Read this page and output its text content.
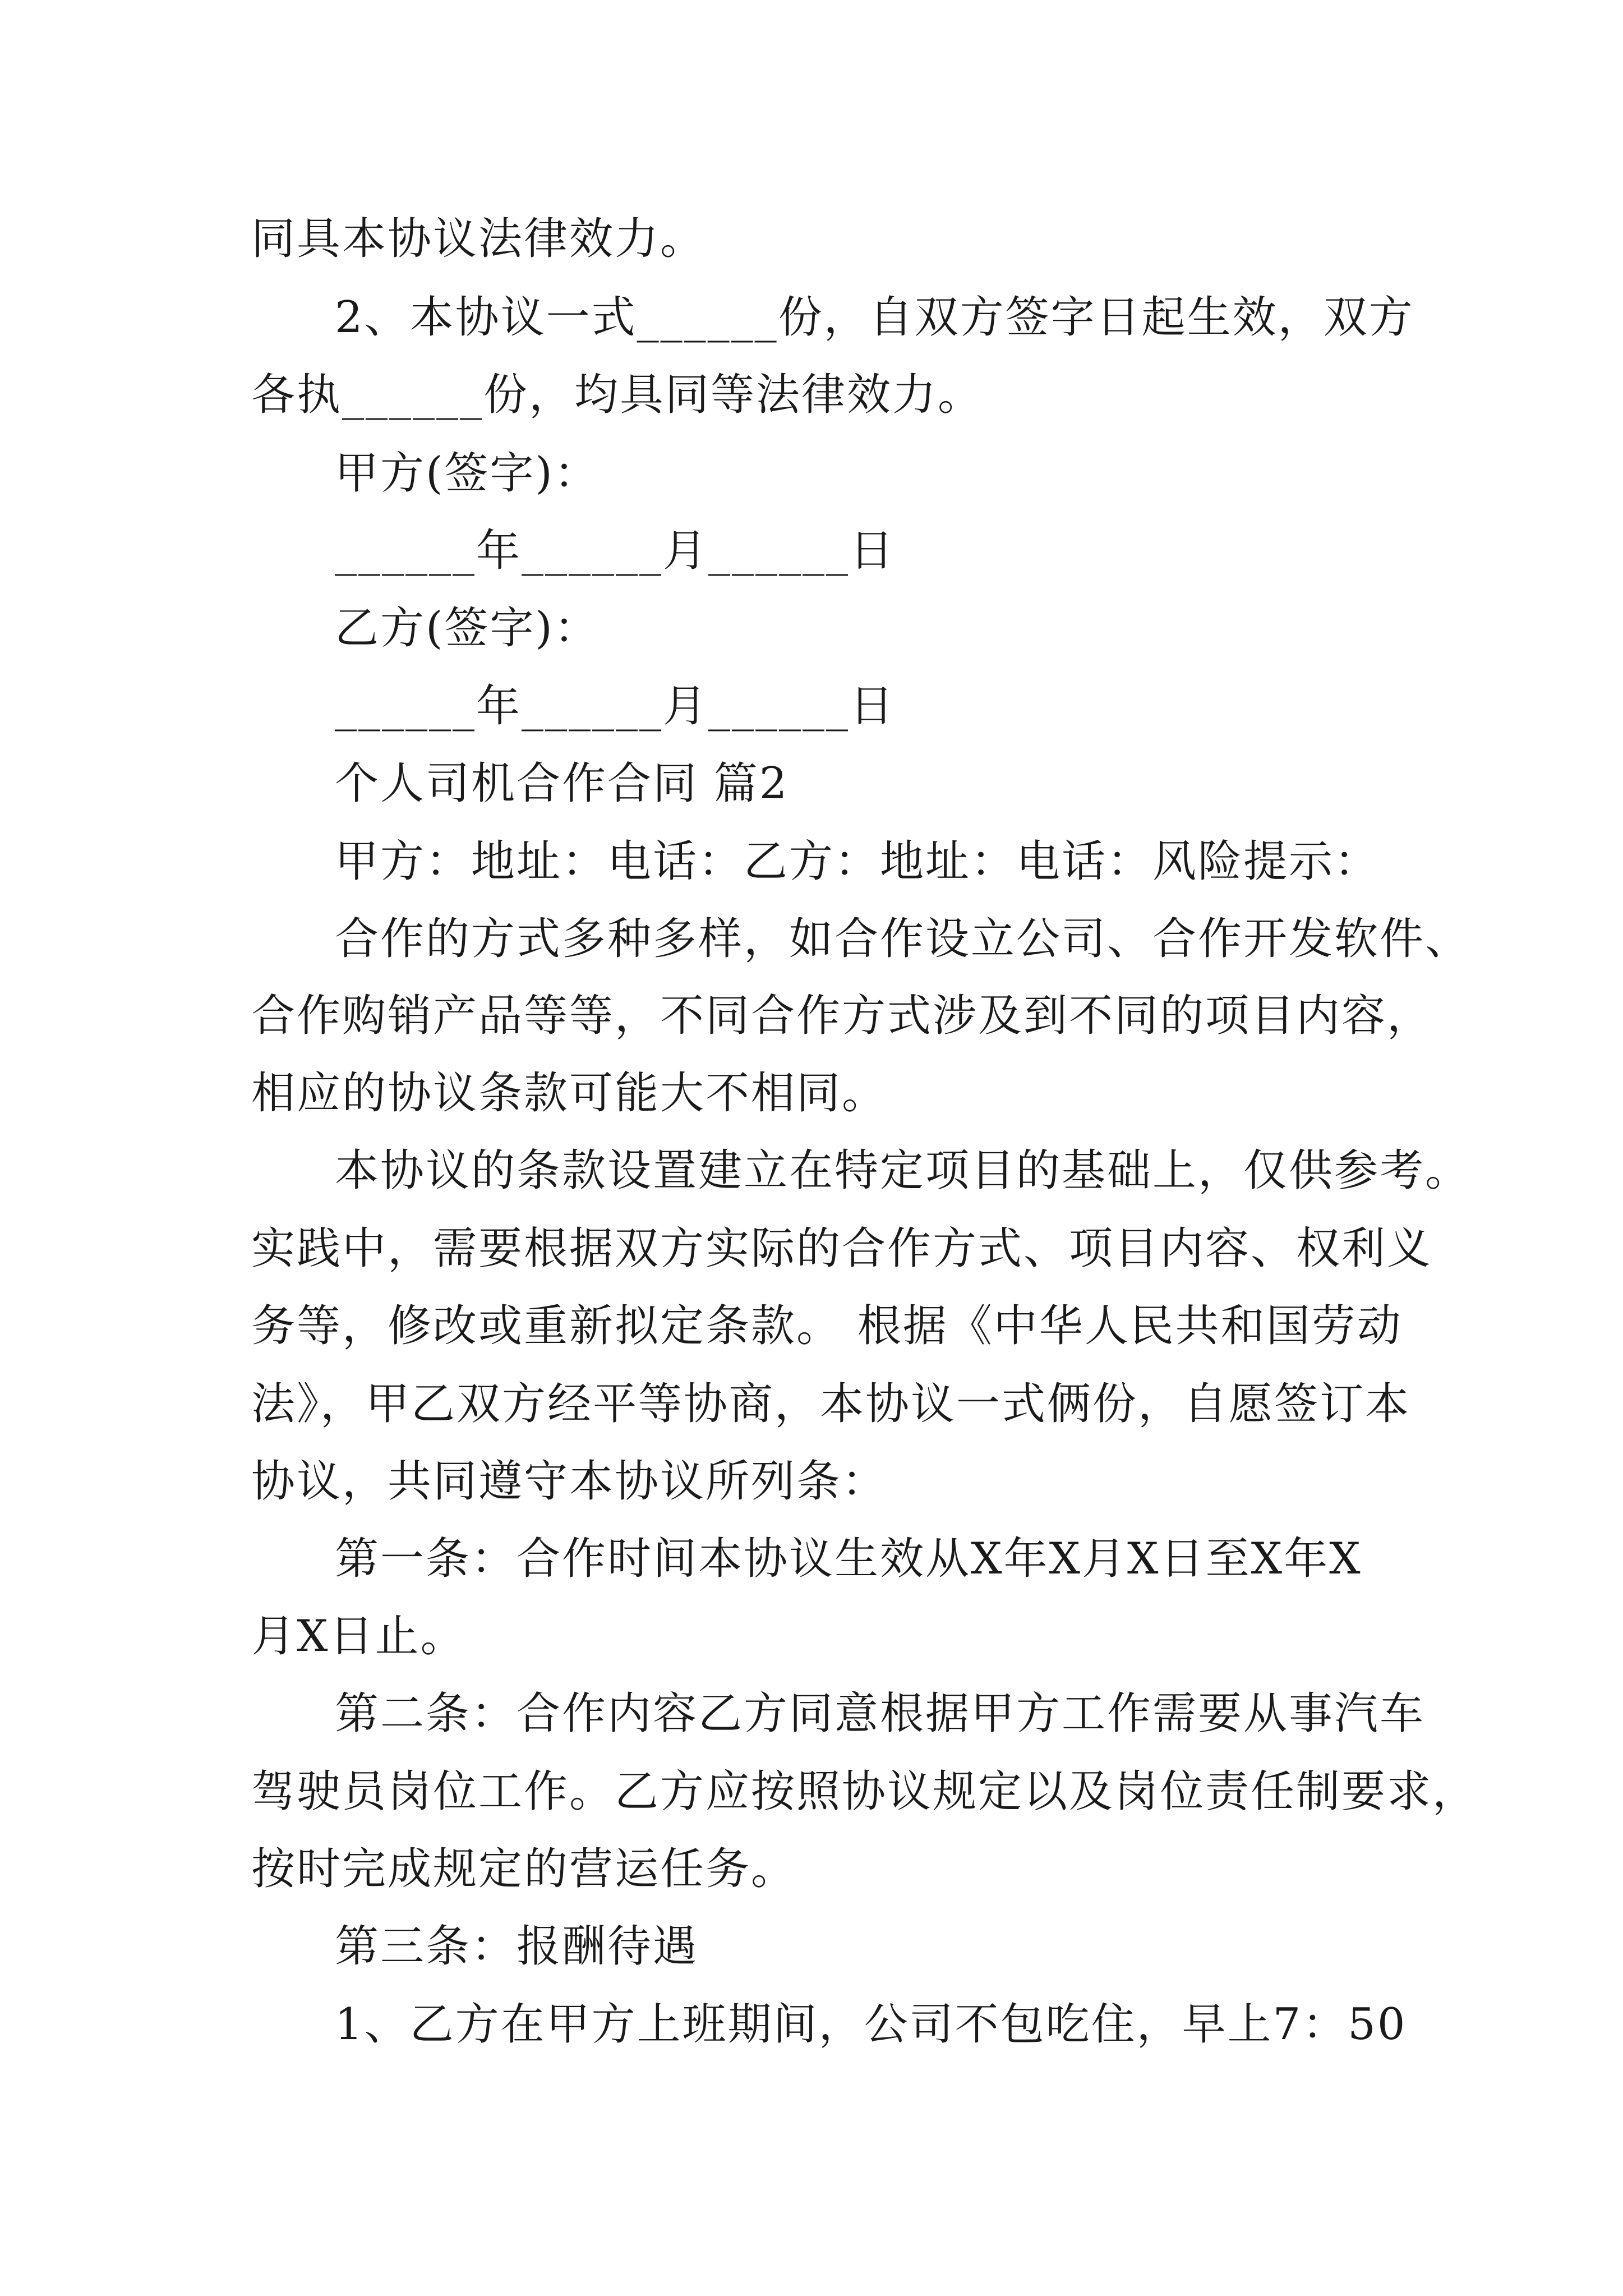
同具本协议法律效力。
2、本协议一式______份，自双方签字日起生效，双方
各执______份，均具同等法律效力。
甲方(签字)：
______年______月______日
乙方(签字)：
______年______月______日
个人司机合作合同 篇2
甲方：地址：电话：乙方：地址：电话：风险提示：
合作的方式多种多样，如合作设立公司、合作开发软件、
合作购销产品等等，不同合作方式涉及到不同的项目内容，
相应的协议条款可能大不相同。
本协议的条款设置建立在特定项目的基础上，仅供参考。
实践中，需要根据双方实际的合作方式、项目内容、权利义
务等，修改或重新拟定条款。 根据《中华人民共和国劳动
法》，甲乙双方经平等协商，本协议一式俩份，自愿签订本
协议，共同遵守本协议所列条：
第一条：合作时间本协议生效从X年X月X日至X年X
月X日止。
第二条：合作内容乙方同意根据甲方工作需要从事汽车
驾驶员岗位工作。乙方应按照协议规定以及岗位责任制要求，
按时完成规定的营运任务。
第三条：报酬待遇
1、乙方在甲方上班期间，公司不包吃住，早上7：50
